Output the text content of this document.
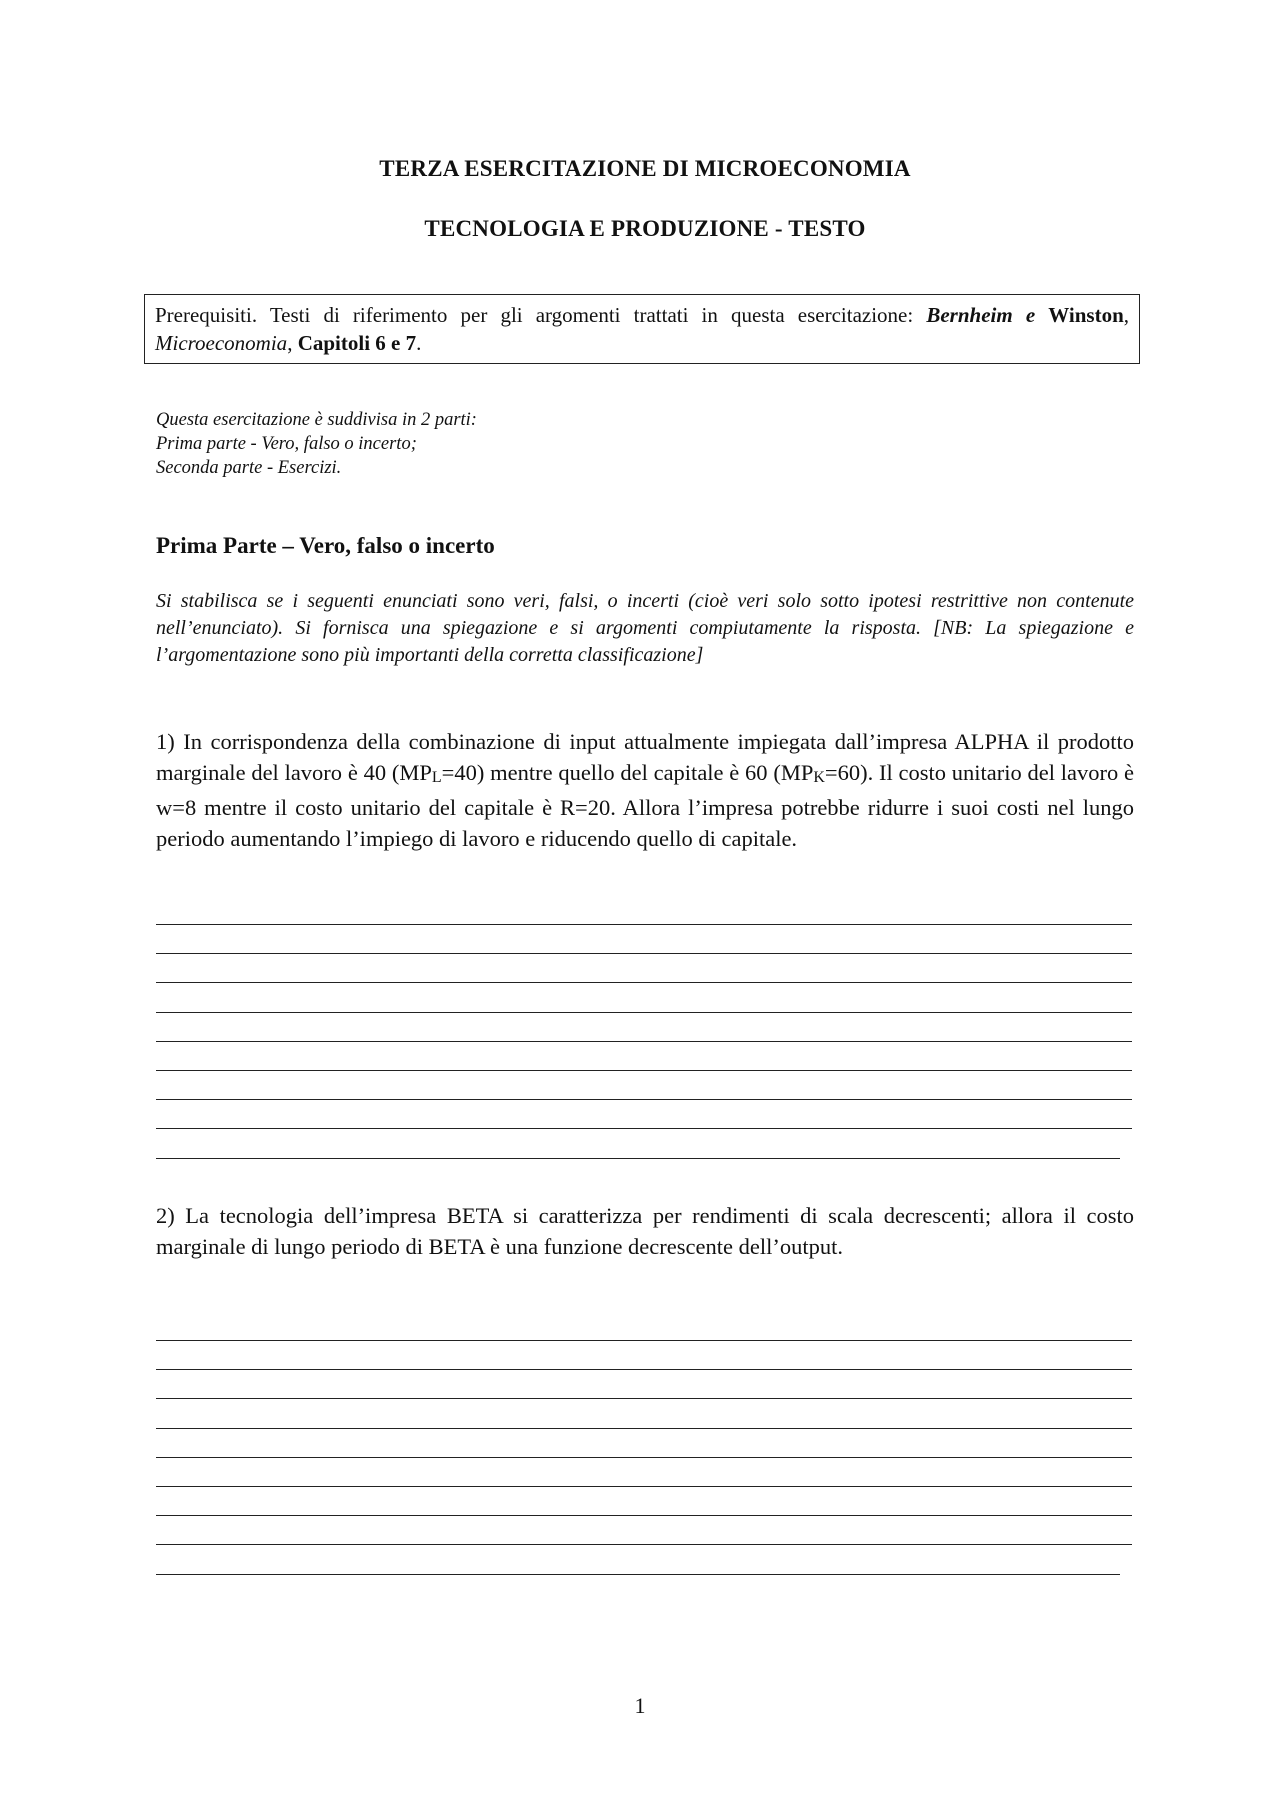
TERZA ESERCITAZIONE DI MICROECONOMIA
TECNOLOGIA E PRODUZIONE - TESTO
Prerequisiti. Testi di riferimento per gli argomenti trattati in questa esercitazione: Bernheim e Winston, Microeconomia, Capitoli 6 e 7.
Questa esercitazione è suddivisa in 2 parti:
Prima parte - Vero, falso o incerto;
Seconda parte - Esercizi.
Prima Parte – Vero, falso o incerto
Si stabilisca se i seguenti enunciati sono veri, falsi, o incerti (cioè veri solo sotto ipotesi restrittive non contenute nell’enunciato). Si fornisca una spiegazione e si argomenti compiutamente la risposta. [NB: La spiegazione e l’argomentazione sono più importanti della corretta classificazione]
1) In corrispondenza della combinazione di input attualmente impiegata dall’impresa ALPHA il prodotto marginale del lavoro è 40 (MPL=40) mentre quello del capitale è 60 (MPK=60). Il costo unitario del lavoro è w=8 mentre il costo unitario del capitale è R=20. Allora l’impresa potrebbe ridurre i suoi costi nel lungo periodo aumentando l’impiego di lavoro e riducendo quello di capitale.
2) La tecnologia dell’impresa BETA si caratterizza per rendimenti di scala decrescenti; allora il costo marginale di lungo periodo di BETA è una funzione decrescente dell’output.
1
